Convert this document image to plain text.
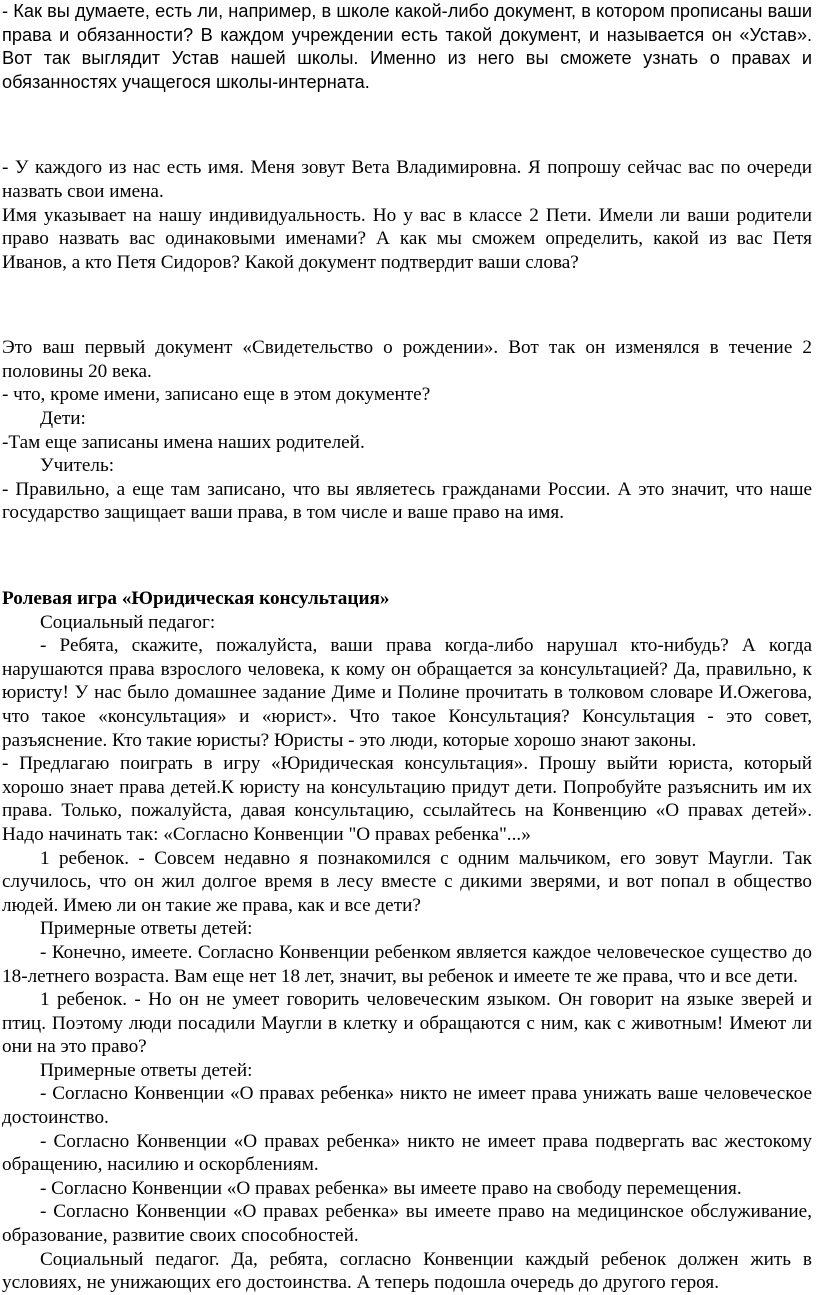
- Как вы думаете, есть ли, например, в школе какой-либо документ, в котором прописаны ваши права и обязанности? В каждом учреждении есть такой документ, и называется он «Устав». Вот так выглядит Устав нашей школы. Именно из него вы сможете узнать о правах и обязанностях учащегося школы-интерната.

- У каждого из нас есть имя. Меня зовут Вета Владимировна. Я попрошу сейчас вас по очереди назвать свои имена.

Имя указывает на нашу индивидуальность. Но у вас в классе 2 Пети. Имели ли ваши родители право назвать вас одинаковыми именами? А как мы сможем определить, какой из вас Петя Иванов, а кто Петя Сидоров? Какой документ подтвердит ваши слова?

Это ваш первый документ «Свидетельство о рождении». Вот так он изменялся в течение 2 половины 20 века.

- что, кроме имени, записано еще в этом документе?

Дети:

-Там еще записаны имена наших родителей.

Учитель:

- Правильно, а еще там записано, что вы являетесь гражданами России. А это значит, что наше государство защищает ваши права, в том числе и ваше право на имя.

Ролевая игра «Юридическая консультация»

Социальный педагог:

- Ребята, скажите, пожалуйста, ваши права когда-либо нарушал кто-нибудь? А когда нарушаются права взрослого человека, к кому он обращается за консультацией? Да, правильно, к юристу! У нас было домашнее задание Диме и Полине прочитать в толковом словаре И.Ожегова, что такое «консультация» и «юрист». Что такое Консультация? Консультация - это совет, разъяснение. Кто такие юристы? Юристы - это люди, которые хорошо знают законы.

- Предлагаю поиграть в игру «Юридическая консультация». Прошу выйти юриста, который хорошо знает права детей.К юристу на консультацию придут дети. Попробуйте разъяснить им их права. Только, пожалуйста, давая консультацию, ссылайтесь на Конвенцию «О правах детей». Надо начинать так: «Согласно Конвенции "О правах ребенка"...»

1 ребенок. - Совсем недавно я познакомился с одним мальчиком, его зовут Маугли. Так случилось, что он жил долгое время в лесу вместе с дикими зверями, и вот попал в общество людей. Имею ли он такие же права, как и все дети?

Примерные ответы детей:

- Конечно, имеете. Согласно Конвенции ребенком является каждое человеческое существо до 18-летнего возраста. Вам еще нет 18 лет, значит, вы ребенок и имеете те же права, что и все дети.

1 ребенок. - Но он не умеет говорить человеческим языком. Он говорит на языке зверей и птиц. Поэтому люди посадили Маугли в клетку и обращаются с ним, как с животным! Имеют ли они на это право?

Примерные ответы детей:

- Согласно Конвенции «О правах ребенка» никто не имеет права унижать ваше человеческое достоинство.

- Согласно Конвенции «О правах ребенка» никто не имеет права подвергать вас жестокому обращению, насилию и оскорблениям.

- Согласно Конвенции «О правах ребенка» вы имеете право на свободу перемещения.

- Согласно Конвенции «О правах ребенка» вы имеете право на медицинское обслуживание, образование, развитие своих способностей.

Социальный педагог. Да, ребята, согласно Конвенции каждый ребенок должен жить в условиях, не унижающих его достоинства. А теперь подошла очередь до другого героя.
